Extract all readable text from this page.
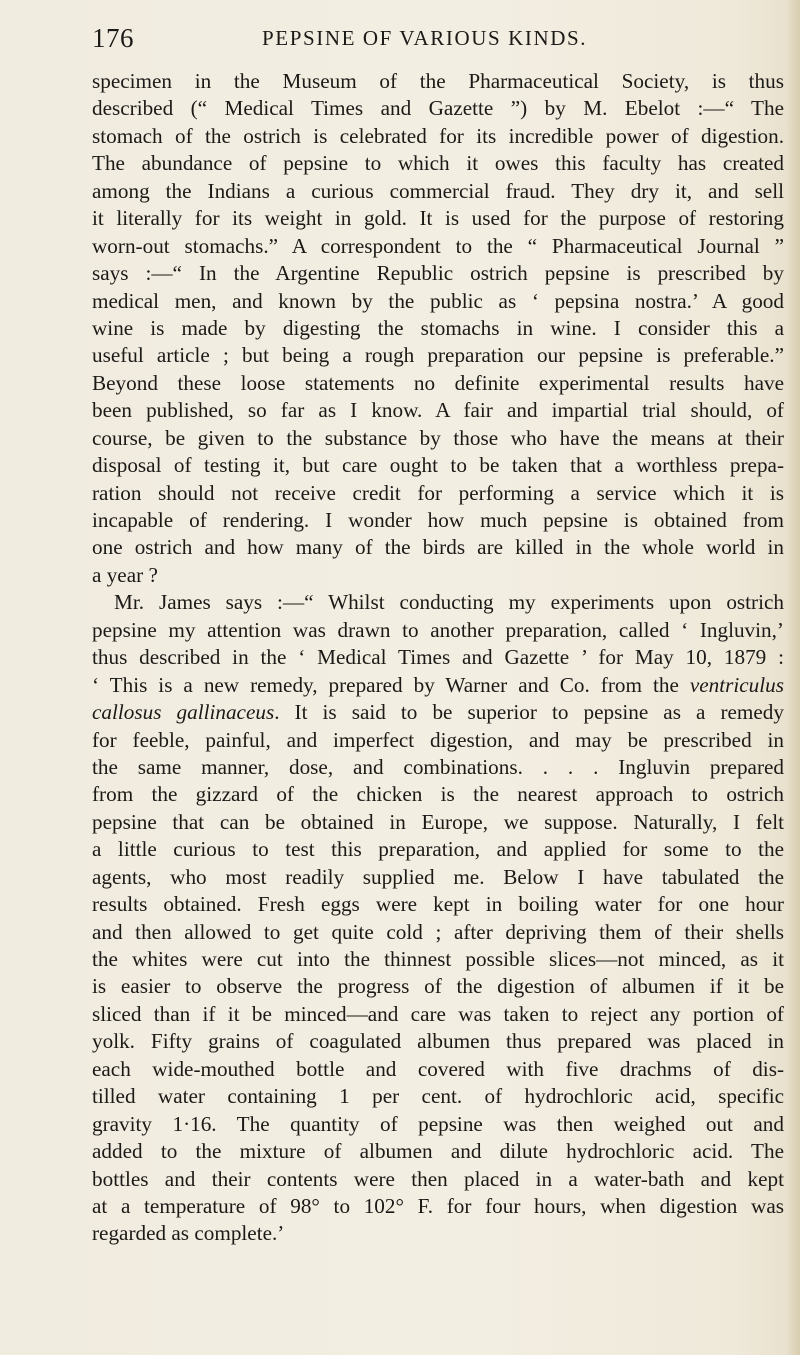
176	PEPSINE OF VARIOUS KINDS.
specimen in the Museum of the Pharmaceutical Society, is thus
described (“ Medical Times and Gazette ”) by M. Ebelot :—“ The
stomach of the ostrich is celebrated for its incredible power of digestion.
The abundance of pepsine to which it owes this faculty has created
among the Indians a curious commercial fraud. They dry it, and sell
it literally for its weight in gold. It is used for the purpose of restoring
worn-out stomachs.” A correspondent to the “ Pharmaceutical Journal ”
says :—“ In the Argentine Republic ostrich pepsine is prescribed by
medical men, and known by the public as ‘ pepsina nostra.’ A good
wine is made by digesting the stomachs in wine. I consider this a
useful article ; but being a rough preparation our pepsine is preferable.”
Beyond these loose statements no definite experimental results have
been published, so far as I know. A fair and impartial trial should, of
course, be given to the substance by those who have the means at their
disposal of testing it, but care ought to be taken that a worthless prepa-
ration should not receive credit for performing a service which it is
incapable of rendering. I wonder how much pepsine is obtained from
one ostrich and how many of the birds are killed in the whole world in
a year ?
Mr. James says :—“ Whilst conducting my experiments upon ostrich
pepsine my attention was drawn to another preparation, called ‘ Ingluvin,’
thus described in the ‘ Medical Times and Gazette ’ for May 10, 1879 :
‘ This is a new remedy, prepared by Warner and Co. from the ventriculus
callosus gallinaceus. It is said to be superior to pepsine as a remedy
for feeble, painful, and imperfect digestion, and may be prescribed in
the same manner, dose, and combinations. . . . Ingluvin prepared
from the gizzard of the chicken is the nearest approach to ostrich
pepsine that can be obtained in Europe, we suppose. Naturally, I felt
a little curious to test this preparation, and applied for some to the
agents, who most readily supplied me. Below I have tabulated the
results obtained. Fresh eggs were kept in boiling water for one hour
and then allowed to get quite cold ; after depriving them of their shells
the whites were cut into the thinnest possible slices—not minced, as it
is easier to observe the progress of the digestion of albumen if it be
sliced than if it be minced—and care was taken to reject any portion of
yolk. Fifty grains of coagulated albumen thus prepared was placed in
each wide-mouthed bottle and covered with five drachms of dis-
tilled water containing 1 per cent. of hydrochloric acid, specific
gravity 1·16. The quantity of pepsine was then weighed out and
added to the mixture of albumen and dilute hydrochloric acid. The
bottles and their contents were then placed in a water-bath and kept
at a temperature of 98° to 102° F. for four hours, when digestion was
regarded as complete.’
